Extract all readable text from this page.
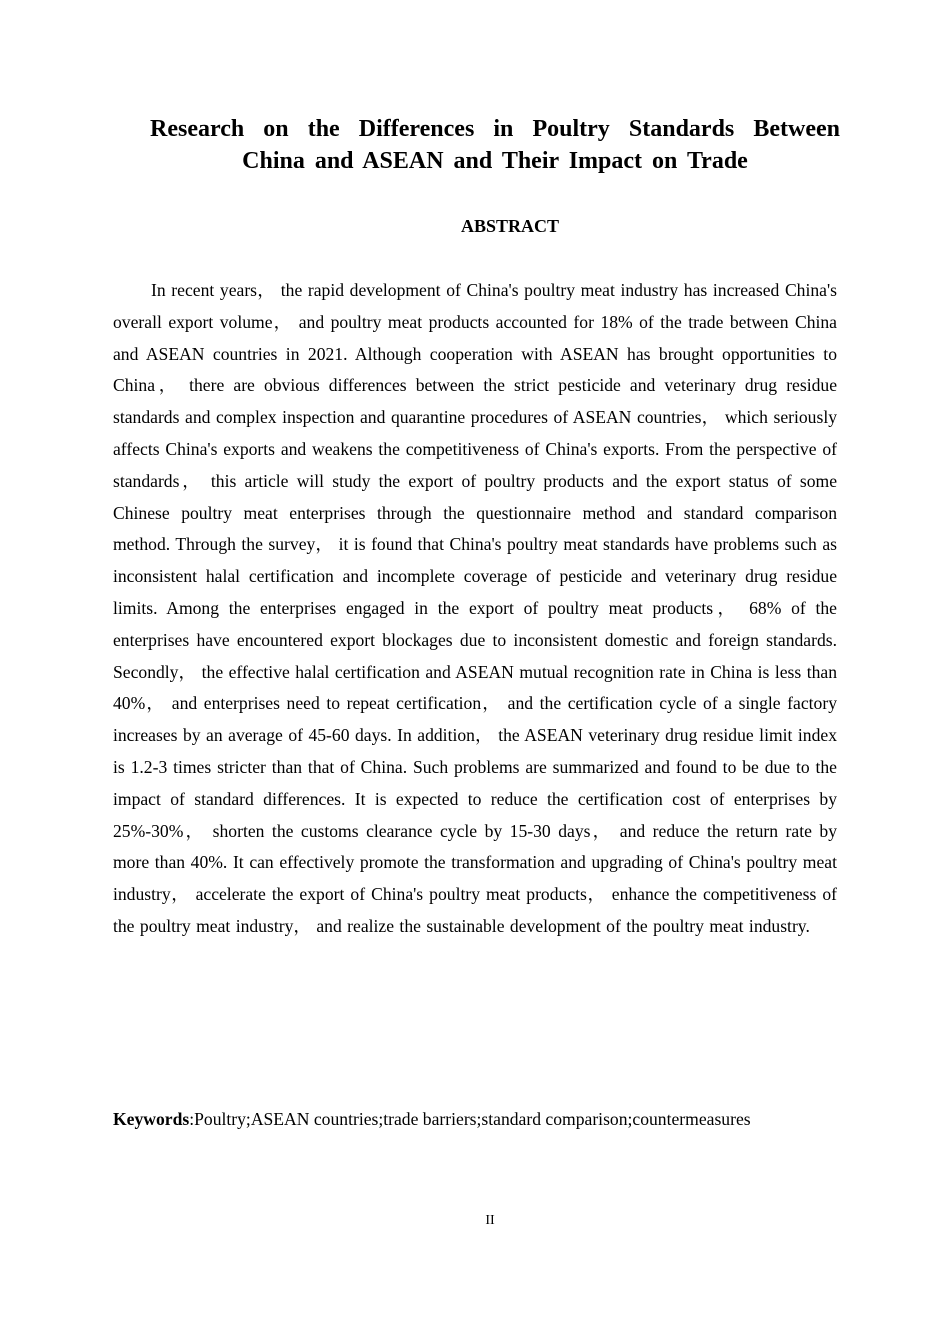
Research on the Differences in Poultry Standards Between China and ASEAN and Their Impact on Trade
ABSTRACT

In recent years， the rapid development of China's poultry meat industry has increased China's overall export volume， and poultry meat products accounted for 18% of the trade between China and ASEAN countries in 2021. Although cooperation with ASEAN has brought opportunities to China， there are obvious differences between the strict pesticide and veterinary drug residue standards and complex inspection and quarantine procedures of ASEAN countries， which seriously affects China's exports and weakens the competitiveness of China's exports. From the perspective of standards， this article will study the export of poultry products and the export status of some Chinese poultry meat enterprises through the questionnaire method and standard comparison method. Through the survey， it is found that China's poultry meat standards have problems such as inconsistent halal certification and incomplete coverage of pesticide and veterinary drug residue limits. Among the enterprises engaged in the export of poultry meat products， 68% of the enterprises have encountered export blockages due to inconsistent domestic and foreign standards. Secondly， the effective halal certification and ASEAN mutual recognition rate in China is less than 40%， and enterprises need to repeat certification， and the certification cycle of a single factory increases by an average of 45-60 days. In addition， the ASEAN veterinary drug residue limit index is 1.2-3 times stricter than that of China. Such problems are summarized and found to be due to the impact of standard differences. It is expected to reduce the certification cost of enterprises by 25%-30%， shorten the customs clearance cycle by 15-30 days， and reduce the return rate by more than 40%. It can effectively promote the transformation and upgrading of China's poultry meat industry， accelerate the export of China's poultry meat products， enhance the competitiveness of the poultry meat industry， and realize the sustainable development of the poultry meat industry.

Keywords:Poultry;ASEAN countries;trade barriers;standard comparison;countermeasures

II
